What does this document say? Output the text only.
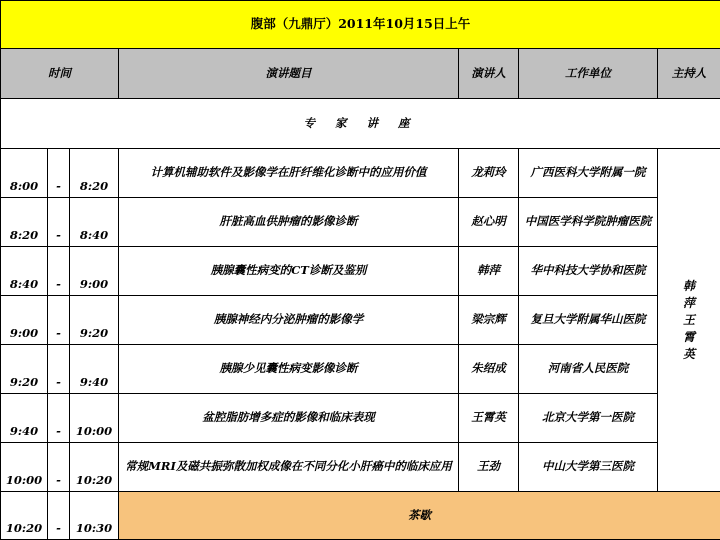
腹部（九鼎厅）2011年10月15日上午						
时间			演讲题目	演讲人	工作单位	主持人
专 家 讲 座						
8:00	-	8:20	计算机辅助软件及影像学在肝纤维化诊断中的应用价值	龙莉玲	广西医科大学附属一院	韩萍王霄英
8:20	-	8:40	肝脏高血供肿瘤的影像诊断	赵心明	中国医学科学院肿瘤医院	
8:40	-	9:00	胰腺囊性病变的CT诊断及鉴别	韩萍	华中科技大学协和医院	
9:00	-	9:20	胰腺神经内分泌肿瘤的影像学	梁宗辉	复旦大学附属华山医院	
9:20	-	9:40	胰腺少见囊性病变影像诊断	朱绍成	河南省人民医院	
9:40	-	10:00	盆腔脂肪增多症的影像和临床表现	王霄英	北京大学第一医院	
10:00	-	10:20	常规MRI及磁共振弥散加权成像在不同分化小肝癌中的临床应用	王劲	中山大学第三医院	
10:20	-	10:30	茶歇			
